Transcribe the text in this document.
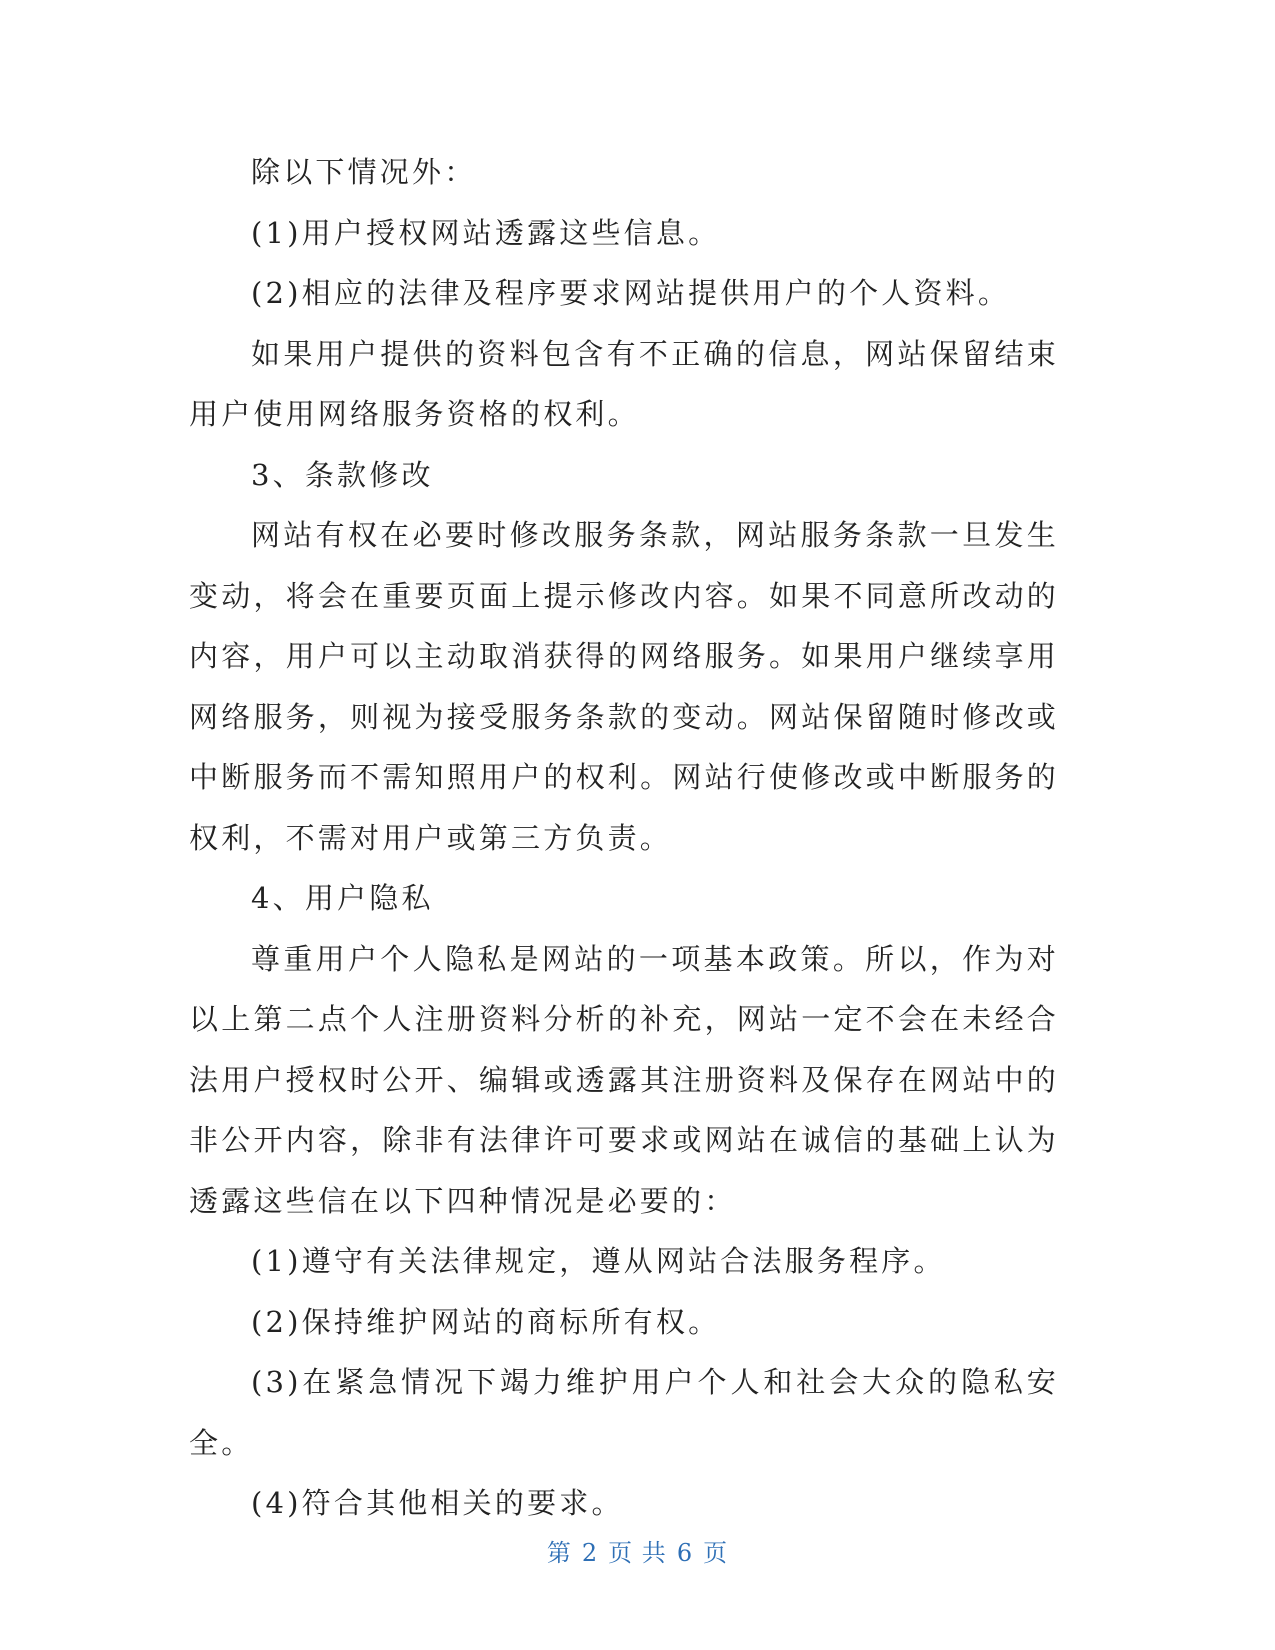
除以下情况外：

(1)用户授权网站透露这些信息。

(2)相应的法律及程序要求网站提供用户的个人资料。

如果用户提供的资料包含有不正确的信息，网站保留结束用户使用网络服务资格的权利。

3、条款修改

网站有权在必要时修改服务条款，网站服务条款一旦发生变动，将会在重要页面上提示修改内容。如果不同意所改动的内容，用户可以主动取消获得的网络服务。如果用户继续享用网络服务，则视为接受服务条款的变动。网站保留随时修改或中断服务而不需知照用户的权利。网站行使修改或中断服务的权利，不需对用户或第三方负责。

4、用户隐私

尊重用户个人隐私是网站的一项基本政策。所以，作为对以上第二点个人注册资料分析的补充，网站一定不会在未经合法用户授权时公开、编辑或透露其注册资料及保存在网站中的非公开内容，除非有法律许可要求或网站在诚信的基础上认为透露这些信在以下四种情况是必要的：

(1)遵守有关法律规定，遵从网站合法服务程序。

(2)保持维护网站的商标所有权。

(3)在紧急情况下竭力维护用户个人和社会大众的隐私安全。

(4)符合其他相关的要求。

第 2 页 共 6 页
